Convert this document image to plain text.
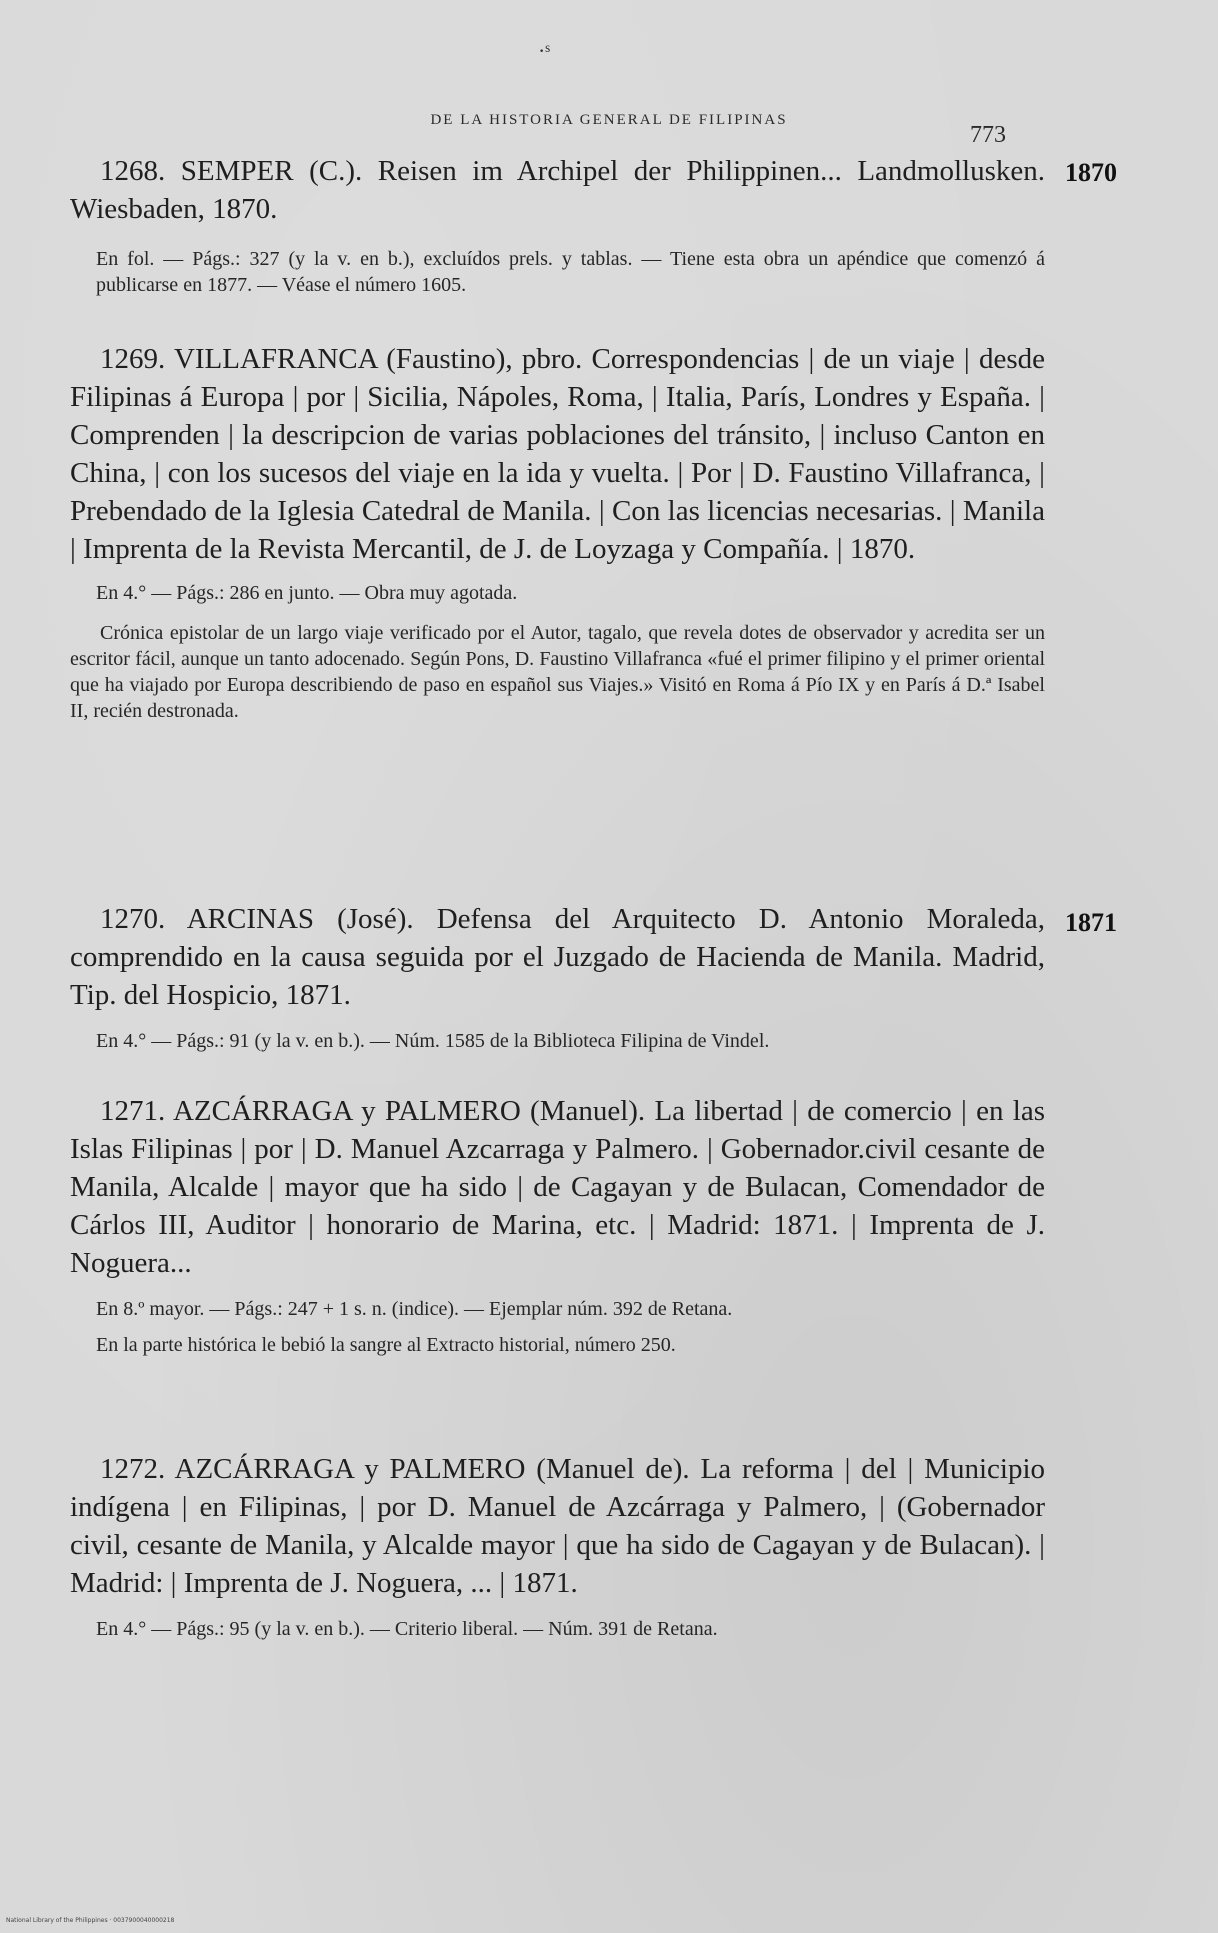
·ˢ
DE LA HISTORIA GENERAL DE FILIPINAS
773
1870
1871
1268. SEMPER (C.). Reisen im Archipel der Philippinen... Landmollusken. Wiesbaden, 1870.
En fol. — Págs.: 327 (y la v. en b.), excluídos prels. y tablas. — Tiene esta obra un apéndice que comenzó á publicarse en 1877. — Véase el número 1605.
1269. VILLAFRANCA (Faustino), pbro. Correspondencias | de un viaje | desde Filipinas á Europa | por | Sicilia, Nápoles, Roma, | Italia, París, Londres y España. | Comprenden | la descripcion de varias poblaciones del tránsito, | incluso Canton en China, | con los sucesos del viaje en la ida y vuelta. | Por | D. Faustino Villafranca, | Prebendado de la Iglesia Catedral de Manila. | Con las licencias necesarias. | Manila | Imprenta de la Revista Mercantil, de J. de Loyzaga y Compañía. | 1870.
En 4.° — Págs.: 286 en junto. — Obra muy agotada.
Crónica epistolar de un largo viaje verificado por el Autor, tagalo, que revela dotes de observador y acredita ser un escritor fácil, aunque un tanto adocenado. Según Pons, D. Faustino Villafranca «fué el primer filipino y el primer oriental que ha viajado por Europa describiendo de paso en español sus Viajes.» Visitó en Roma á Pío IX y en París á D.ª Isabel II, recién destronada.
1270. ARCINAS (José). Defensa del Arquitecto D. Antonio Moraleda, comprendido en la causa seguida por el Juzgado de Hacienda de Manila. Madrid, Tip. del Hospicio, 1871.
En 4.° — Págs.: 91 (y la v. en b.). — Núm. 1585 de la Biblioteca Filipina de Vindel.
1271. AZCÁRRAGA y PALMERO (Manuel). La libertad | de comercio | en las Islas Filipinas | por | D. Manuel Azcarraga y Palmero. | Gobernador.civil cesante de Manila, Alcalde | mayor que ha sido | de Cagayan y de Bulacan, Comendador de Cárlos III, Auditor | honorario de Marina, etc. | Madrid: 1871. | Imprenta de J. Noguera...
En 8.º mayor. — Págs.: 247 + 1 s. n. (indice). — Ejemplar núm. 392 de Retana.
En la parte histórica le bebió la sangre al Extracto historial, número 250.
1272. AZCÁRRAGA y PALMERO (Manuel de). La reforma | del | Municipio indígena | en Filipinas, | por D. Manuel de Azcárraga y Palmero, | (Gobernador civil, cesante de Manila, y Alcalde mayor | que ha sido de Cagayan y de Bulacan). | Madrid: | Imprenta de J. Noguera, ... | 1871.
En 4.° — Págs.: 95 (y la v. en b.). — Criterio liberal. — Núm. 391 de Retana.
National Library of the Philippines · 0037900040000218
